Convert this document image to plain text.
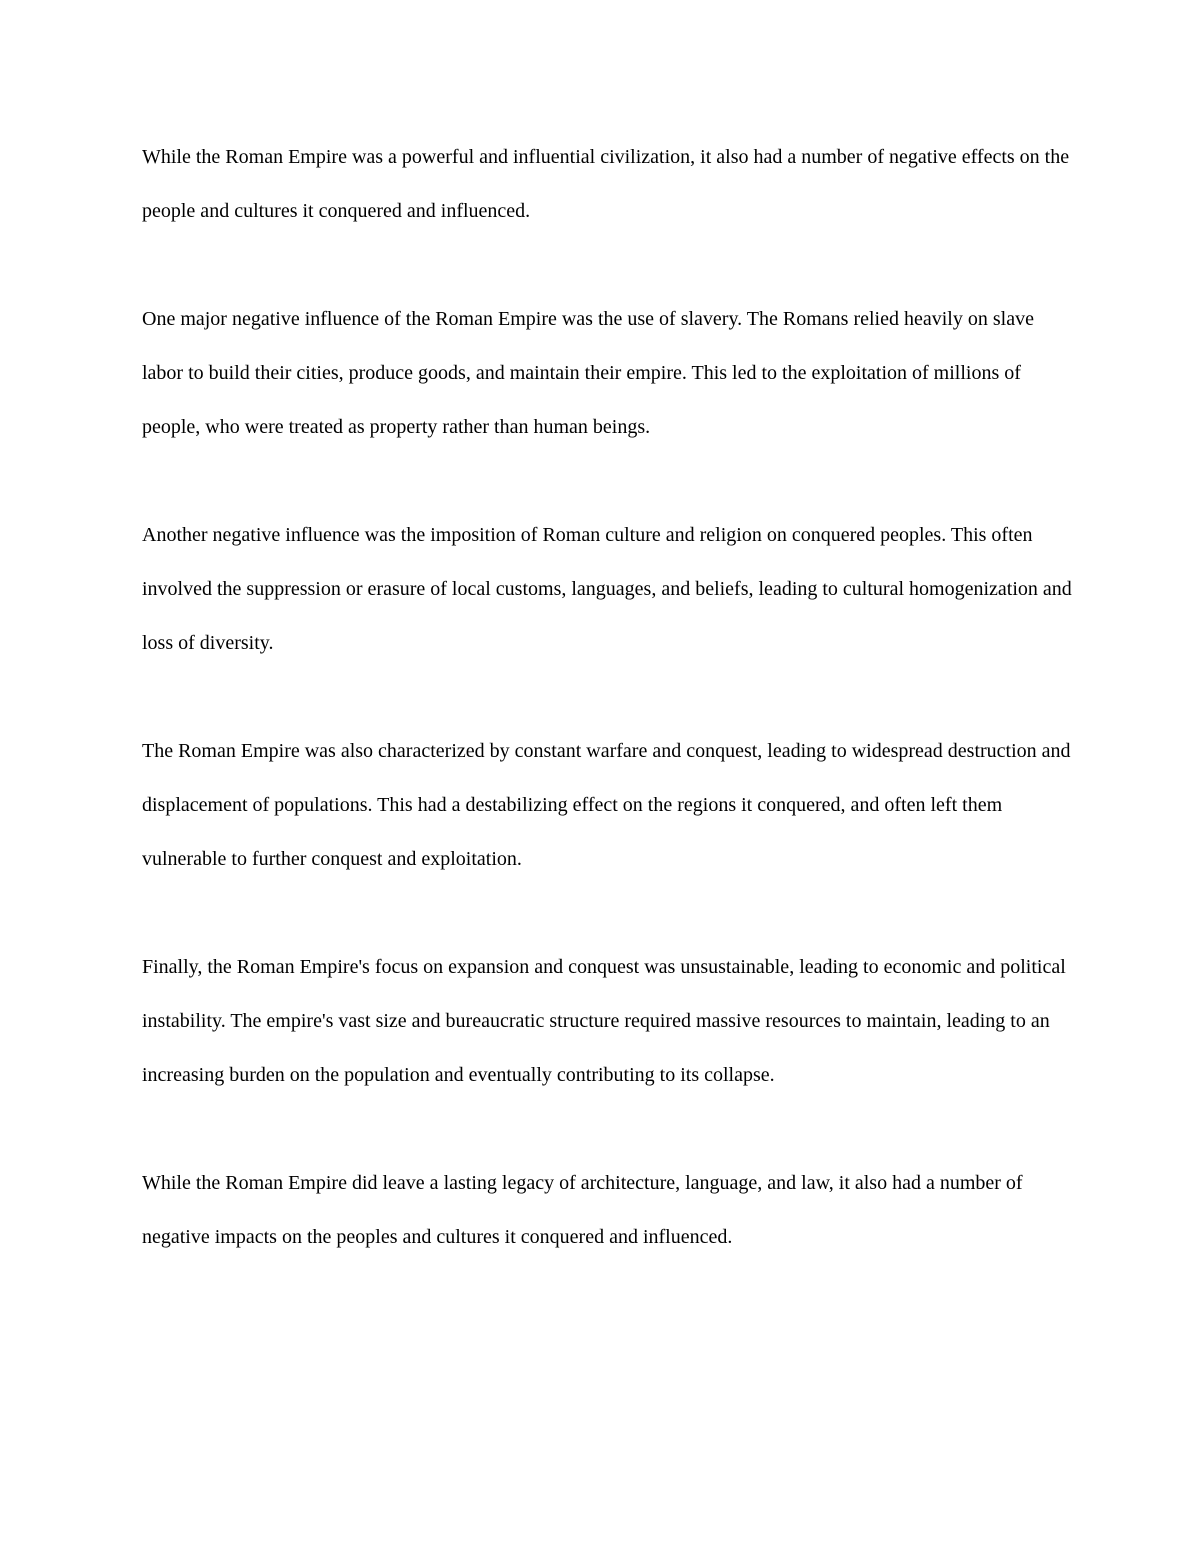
While the Roman Empire was a powerful and influential civilization, it also had a number of negative effects on the people and cultures it conquered and influenced.

One major negative influence of the Roman Empire was the use of slavery. The Romans relied heavily on slave labor to build their cities, produce goods, and maintain their empire. This led to the exploitation of millions of people, who were treated as property rather than human beings.

Another negative influence was the imposition of Roman culture and religion on conquered peoples. This often involved the suppression or erasure of local customs, languages, and beliefs, leading to cultural homogenization and loss of diversity.

The Roman Empire was also characterized by constant warfare and conquest, leading to widespread destruction and displacement of populations. This had a destabilizing effect on the regions it conquered, and often left them vulnerable to further conquest and exploitation.

Finally, the Roman Empire's focus on expansion and conquest was unsustainable, leading to economic and political instability. The empire's vast size and bureaucratic structure required massive resources to maintain, leading to an increasing burden on the population and eventually contributing to its collapse.

While the Roman Empire did leave a lasting legacy of architecture, language, and law, it also had a number of negative impacts on the peoples and cultures it conquered and influenced.
